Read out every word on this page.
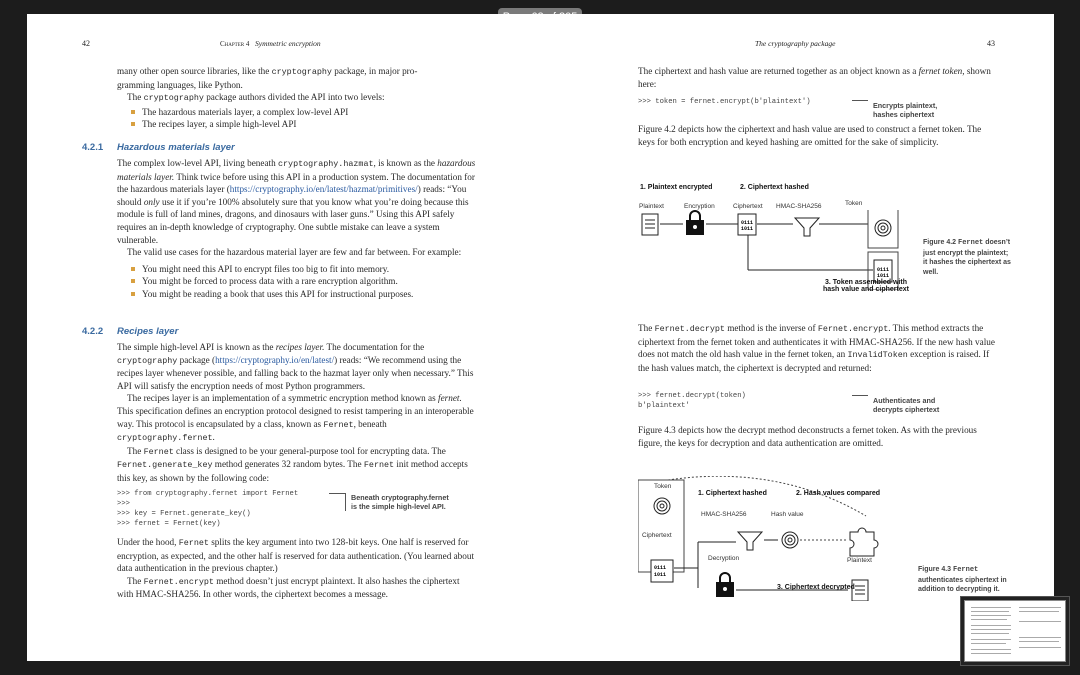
42	Chapter 4 Symmetric encryption

many other open source libraries, like the cryptography package, in major pro-

gramming languages, like Python.

The cryptography package authors divided the API into two levels:

The hazardous materials layer, a complex low-level API
The recipes layer, a simple high-level API
4.2.1 Hazardous materials layer

The complex low-level API, living beneath cryptography.hazmat, is known as the hazardous materials layer. Think twice before using this API in a production system. The documentation for the hazardous materials layer (https://cryptography.io/en/latest/hazmat/primitives/) reads: “You should only use it if you’re 100% absolutely sure that you know what you’re doing because this module is full of land mines, dragons, and dinosaurs with laser guns.” Using this API safely requires an in-depth knowledge of cryptography. One subtle mistake can leave a system vulnerable.

The valid use cases for the hazardous material layer are few and far between. For example:

You might need this API to encrypt files too big to fit into memory.
You might be forced to process data with a rare encryption algorithm.
You might be reading a book that uses this API for instructional purposes.
4.2.2 Recipes layer

The simple high-level API is known as the recipes layer. The documentation for the cryptography package (https://cryptography.io/en/latest/) reads: “We recommend using the recipes layer whenever possible, and falling back to the hazmat layer only when necessary.” This API will satisfy the encryption needs of most Python programmers.

The recipes layer is an implementation of a symmetric encryption method known as fernet. This specification defines an encryption protocol designed to resist tampering in an interoperable way. This protocol is encapsulated by a class, known as Fernet, beneath cryptography.fernet.

The Fernet class is designed to be your general-purpose tool for encrypting data. The Fernet.generate_key method generates 32 random bytes. The Fernet init method accepts this key, as shown by the following code:

>>> from cryptography.fernet import Fernet
>>>
>>> key = Fernet.generate_key()
>>> fernet = Fernet(key)
Beneath cryptography.fernet
is the simple high-level API.

Under the hood, Fernet splits the key argument into two 128-bit keys. One half is reserved for encryption, as expected, and the other half is reserved for data authentication. (You learned about data authentication in the previous chapter.)

The Fernet.encrypt method doesn’t just encrypt plaintext. It also hashes the ciphertext with HMAC-SHA256. In other words, the ciphertext becomes a message.

The cryptography package	43

The ciphertext and hash value are returned together as an object known as a fernet token, shown here:

>>> token = fernet.encrypt(b'plaintext')	Encrypts plaintext,
hashes ciphertext

Figure 4.2 depicts how the ciphertext and hash value are used to construct a fernet token. The keys for both encryption and keyed hashing are omitted for the sake of simplicity.

1. Plaintext encrypted	2. Ciphertext hashed
Plaintext	Encryption	Ciphertext HMAC-SHA256	Token
0111
1011
0111
1011
3. Token assembled with
hash value and ciphertext
Figure 4.2 Fernet doesn’t just encrypt the plaintext; it hashes the ciphertext as well.

The Fernet.decrypt method is the inverse of Fernet.encrypt. This method extracts the ciphertext from the fernet token and authenticates it with HMAC-SHA256. If the new hash value does not match the old hash value in the fernet token, an InvalidToken exception is raised. If the hash values match, the ciphertext is decrypted and returned:

>>> fernet.decrypt(token)
b'plaintext'
Authenticates and
decrypts ciphertext

Figure 4.3 depicts how the decrypt method deconstructs a fernet token. As with the previous figure, the keys for decryption and data authentication are omitted.

0111
1011
Token
Ciphertext
1. Ciphertext hashed	2. Hash values compared
HMAC-SHA256	Hash value
Decryption	Plaintext
3. Ciphertext decrypted
Figure 4.3 Fernet authenticates ciphertext in addition to decrypting it.
